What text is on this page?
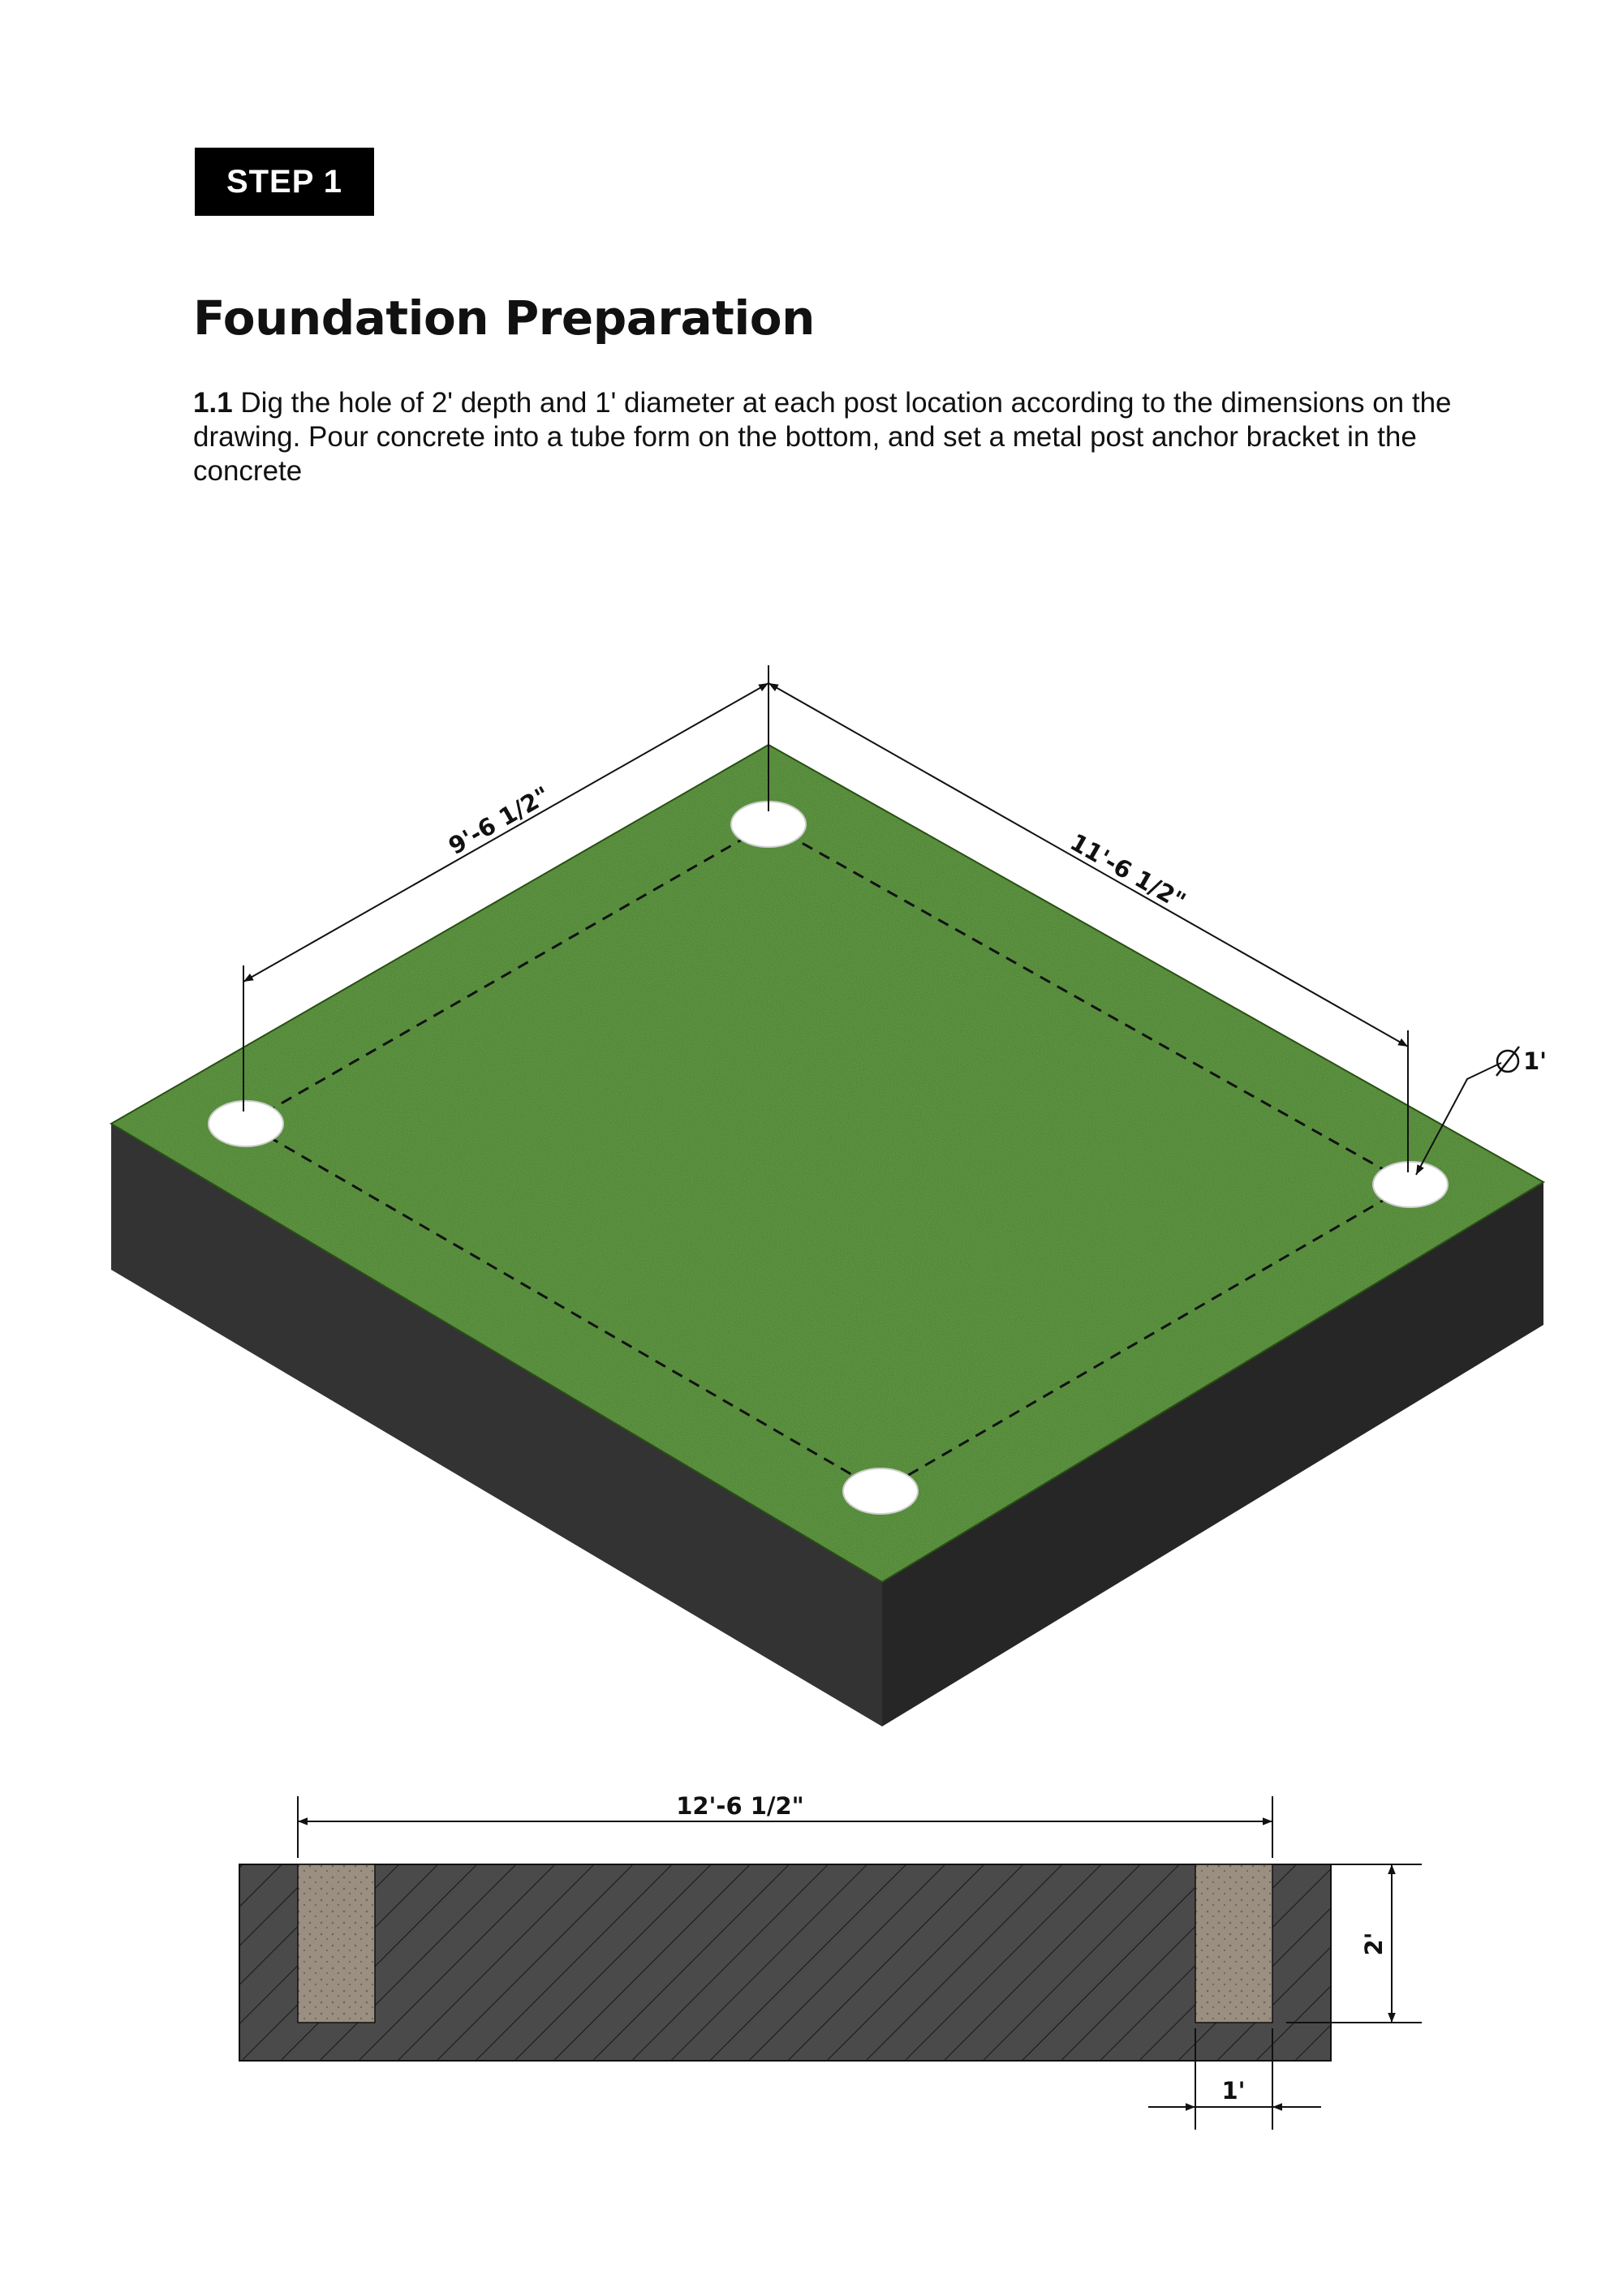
STEP 1
Foundation Preparation

1.1 Dig the hole of 2' depth and 1' diameter at each post location according to the dimensions on the drawing. Pour concrete into a tube form on the bottom, and set a metal post anchor bracket in the concrete

9'-6 1/2"
11'-6 1/2"
1'
12'-6 1/2"
2'
1'
